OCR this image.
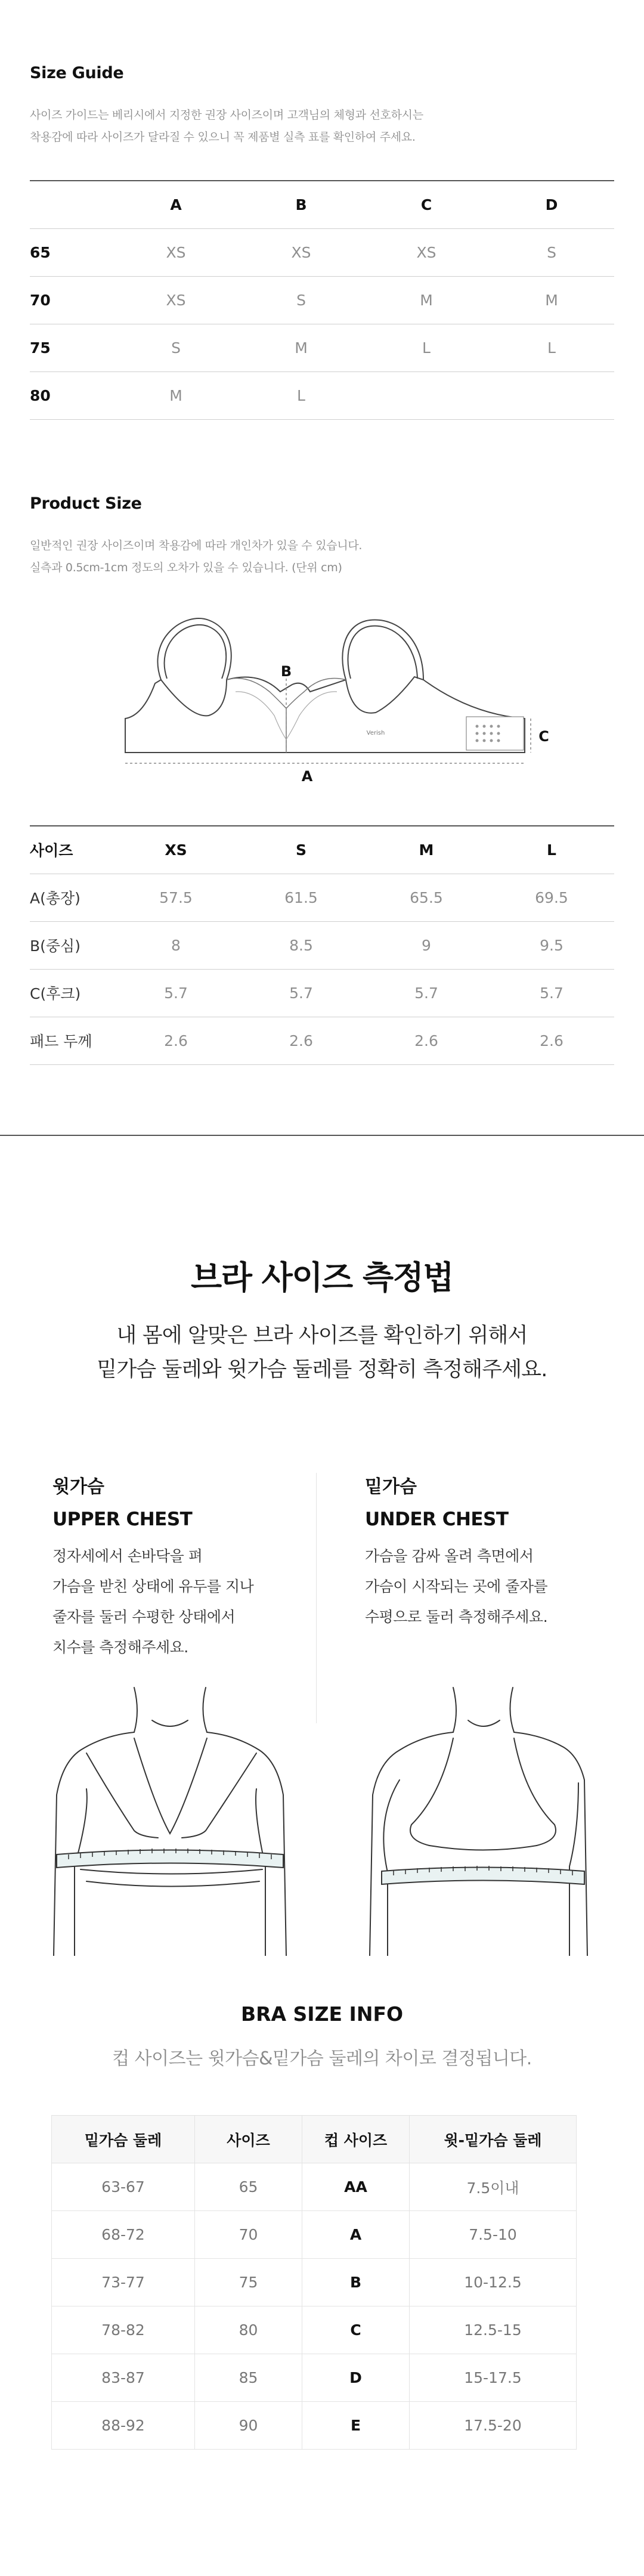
Size Guide
사이즈 가이드는 베리시에서 지정한 권장 사이즈이며 고객님의 체형과 선호하시는
착용감에 따라 사이즈가 달라질 수 있으니 꼭 제품별 실측 표를 확인하여 주세요.
	A	B	C	D
65	XS	XS	XS	S
70	XS	S	M	M
75	S	M	L	L
80	M	L		
Product Size
일반적인 권장 사이즈이며 착용감에 따라 개인차가 있을 수 있습니다.
실측과 0.5cm-1cm 정도의 오차가 있을 수 있습니다. (단위 cm)
B
A
C
Verish
사이즈	XS	S	M	L
A(총장)	57.5	61.5	65.5	69.5
B(중심)	8	8.5	9	9.5
C(후크)	5.7	5.7	5.7	5.7
패드 두께	2.6	2.6	2.6	2.6
브라 사이즈 측정법
내 몸에 알맞은 브라 사이즈를 확인하기 위해서
밑가슴 둘레와 윗가슴 둘레를 정확히 측정해주세요.
윗가슴
UPPER CHEST
정자세에서 손바닥을 펴
가슴을 받친 상태에 유두를 지나
줄자를 둘러 수평한 상태에서
치수를 측정해주세요.
밑가슴
UNDER CHEST
가슴을 감싸 올려 측면에서
가슴이 시작되는 곳에 줄자를
수평으로 둘러 측정해주세요.
BRA SIZE INFO
컵 사이즈는 윗가슴&밑가슴 둘레의 차이로 결정됩니다.
밑가슴 둘레	사이즈	컵 사이즈	윗-밑가슴 둘레
63-67	65	AA	7.5이내
68-72	70	A	7.5-10
73-77	75	B	10-12.5
78-82	80	C	12.5-15
83-87	85	D	15-17.5
88-92	90	E	17.5-20
